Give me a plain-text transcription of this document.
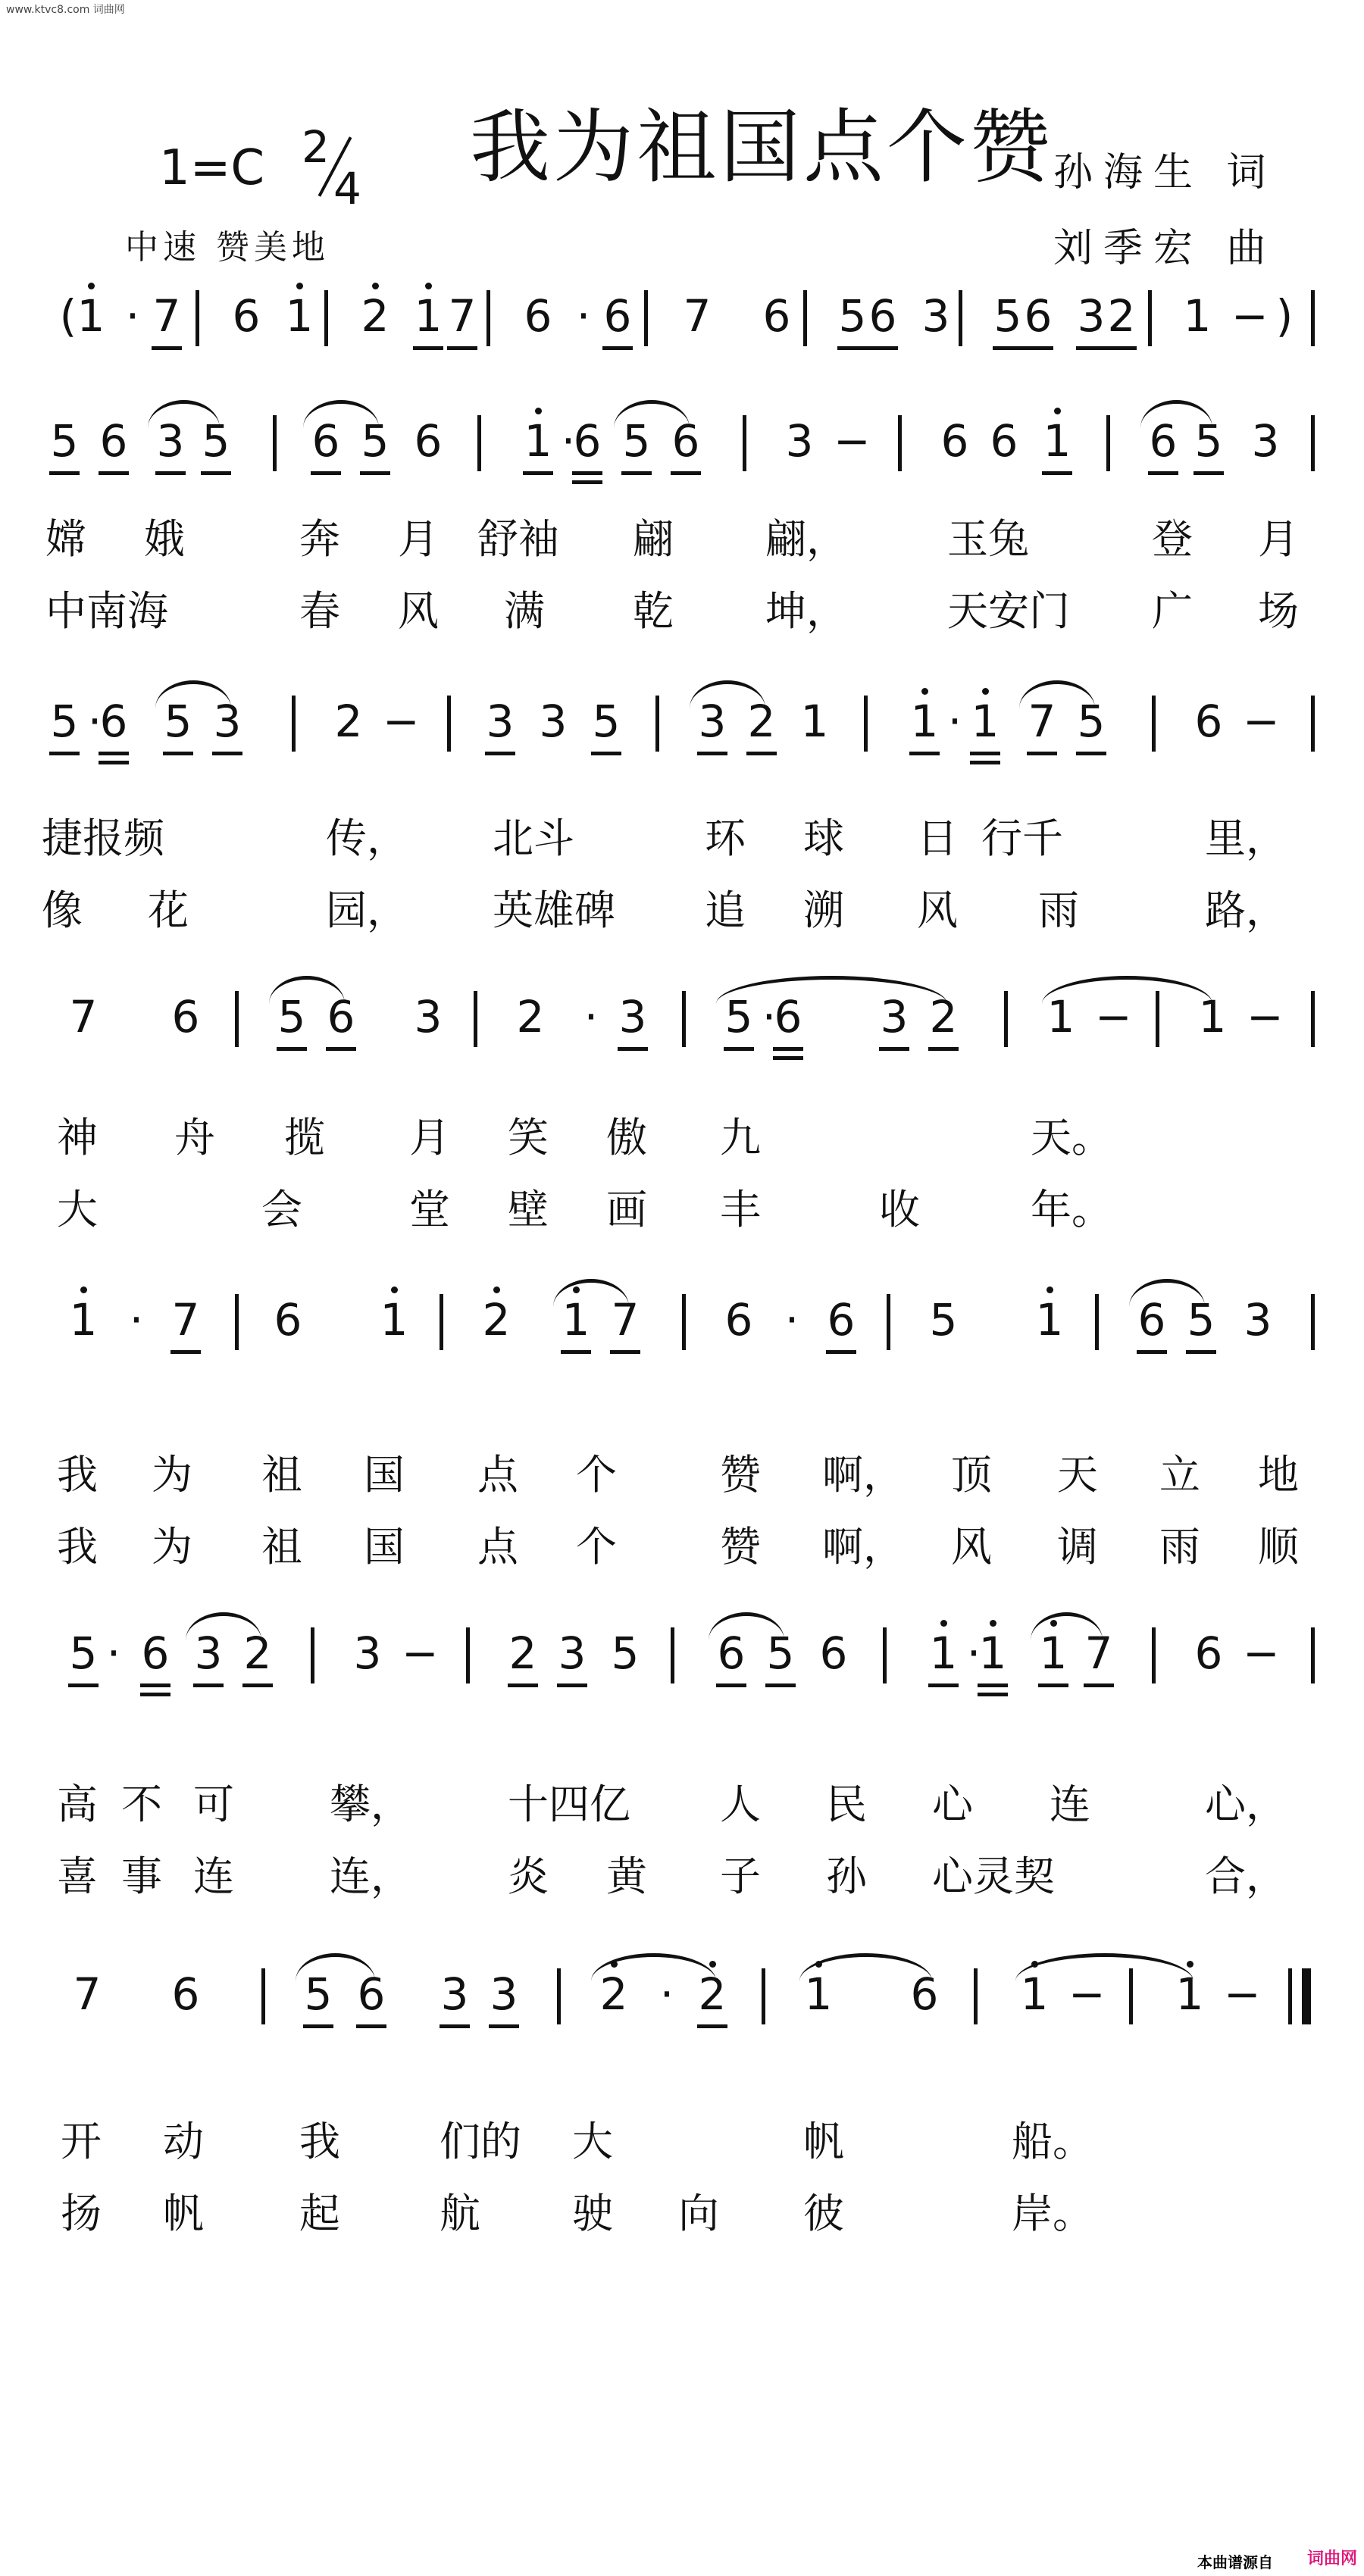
www.ktvc8.com 词曲网
我为祖国点个赞
1=C 2
4
中速 赞美地
孙海生 词
刘季宏 曲
( 1 · 7 6 1 2 1 7 6 · 6 7 6 5 6 3 5 6 3 2 1 − )
5 6 3 5 6 5 6 1 ·
6 5 6 3 − 6 6 1 6 5 3
5 ·
6 5 3 2 − 3 3 5 3 2 1 1 · 1 7 5 6 −
7 6 5 6 3 2 · 3 5 ·
6 3 2 1 − 1 −
1 · 7 6 1 2 1 7 6 · 6 5 1 6 5 3
5 · 6 3 2 3 − 2 3 5 6 5 6 1 ·
1 1 7 6 −
7 6 5 6 3 3 2 · 2 1 6 1 − 1 −
嫦 娥	奔 月 舒袖 翩 翩， 玉兔	登 月
中南海	春 风 满 乾 坤， 天安门 广 场
捷报频	传， 北斗	环 球 日 行千	里，
像 花	园， 英雄碑 追 溯 风 雨	路，
神 舟 揽 月 笑 傲 九	天。
大	会	堂 壁 画 丰	收	年。
我 为 祖 国 点 个	赞 啊， 顶 天 立 地
我 为 祖 国 点 个	赞 啊， 风 调 雨 顺
高 不 可 攀， 十四亿 人 民 心 连	心，
喜 事 连 连， 炎 黄 子 孙 心灵契	合，
开 动 我 们的 大	帆	船。
扬 帆 起 航 驶 向 彼	岸。
本曲谱源自 词曲网
